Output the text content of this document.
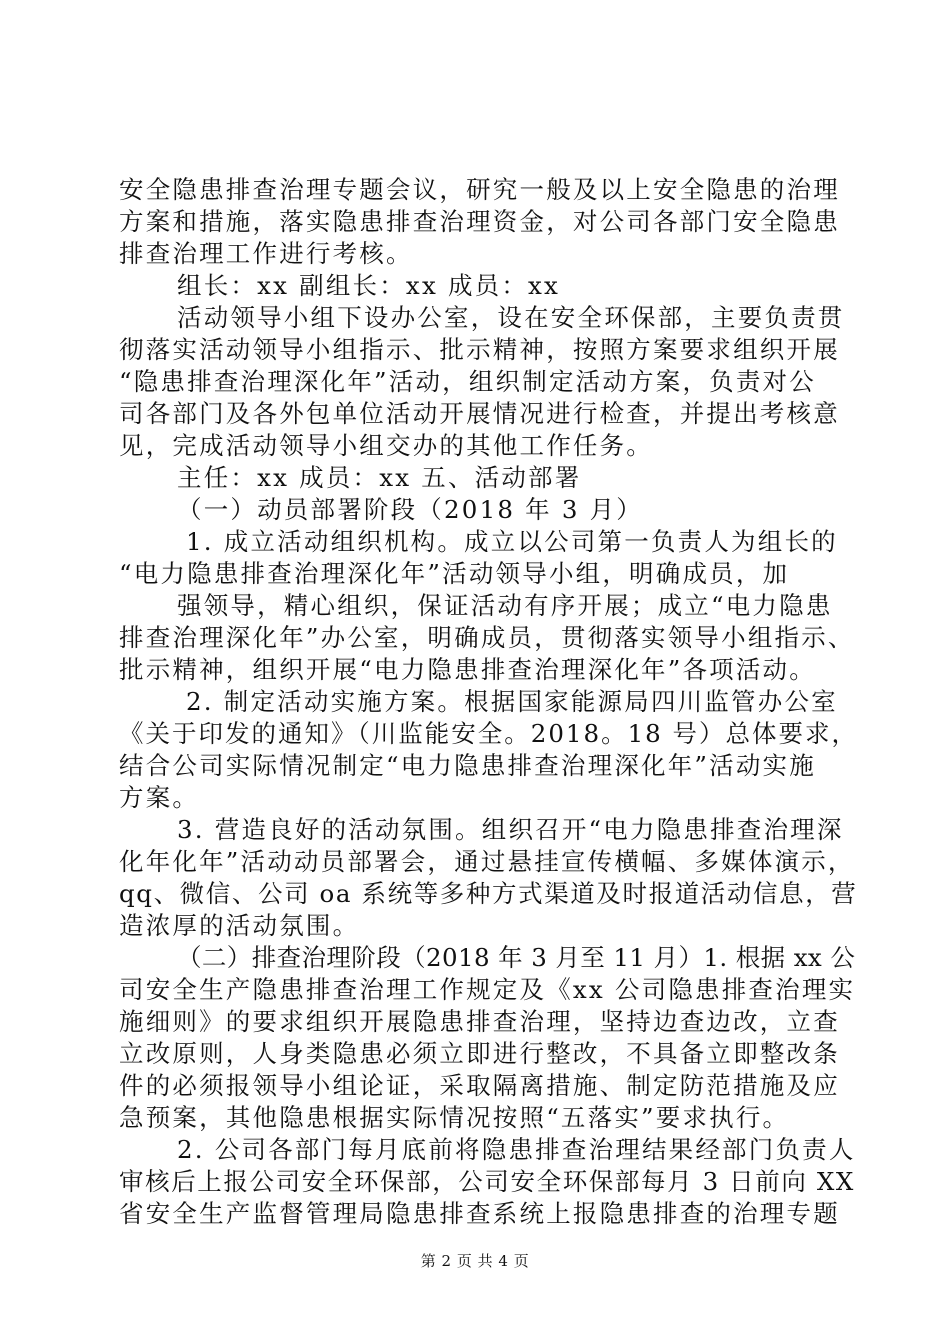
安全隐患排查治理专题会议，研究一般及以上安全隐患的治理
方案和措施，落实隐患排查治理资金，对公司各部门安全隐患
排查治理工作进行考核。
组长：xx 副组长：xx 成员：xx
活动领导小组下设办公室，设在安全环保部，主要负责贯
彻落实活动领导小组指示、批示精神，按照方案要求组织开展
“隐患排查治理深化年”活动，组织制定活动方案，负责对公
司各部门及各外包单位活动开展情况进行检查，并提出考核意
见，完成活动领导小组交办的其他工作任务。
主任：xx 成员：xx 五、活动部署
（一）动员部署阶段（2018 年 3 月）
1. 成立活动组织机构。成立以公司第一负责人为组长的
“电力隐患排查治理深化年”活动领导小组，明确成员，加
强领导，精心组织，保证活动有序开展；成立“电力隐患
排查治理深化年”办公室，明确成员，贯彻落实领导小组指示、
批示精神，组织开展“电力隐患排查治理深化年”各项活动。
2. 制定活动实施方案。根据国家能源局四川监管办公室
《关于印发的通知》（川监能安全。2018。18 号）总体要求，
结合公司实际情况制定“电力隐患排查治理深化年”活动实施
方案。
3. 营造良好的活动氛围。组织召开“电力隐患排查治理深
化年化年”活动动员部署会，通过悬挂宣传横幅、多媒体演示，
qq、微信、公司 oa 系统等多种方式渠道及时报道活动信息，营
造浓厚的活动氛围。
（二）排查治理阶段（2018 年 3 月至 11 月）1. 根据 xx 公
司安全生产隐患排查治理工作规定及《xx 公司隐患排查治理实
施细则》的要求组织开展隐患排查治理，坚持边查边改，立查
立改原则，人身类隐患必须立即进行整改，不具备立即整改条
件的必须报领导小组论证，采取隔离措施、制定防范措施及应
急预案，其他隐患根据实际情况按照“五落实”要求执行。
2. 公司各部门每月底前将隐患排查治理结果经部门负责人
审核后上报公司安全环保部，公司安全环保部每月 3 日前向 XX
省安全生产监督管理局隐患排查系统上报隐患排查的治理专题
第 2 页 共 4 页
